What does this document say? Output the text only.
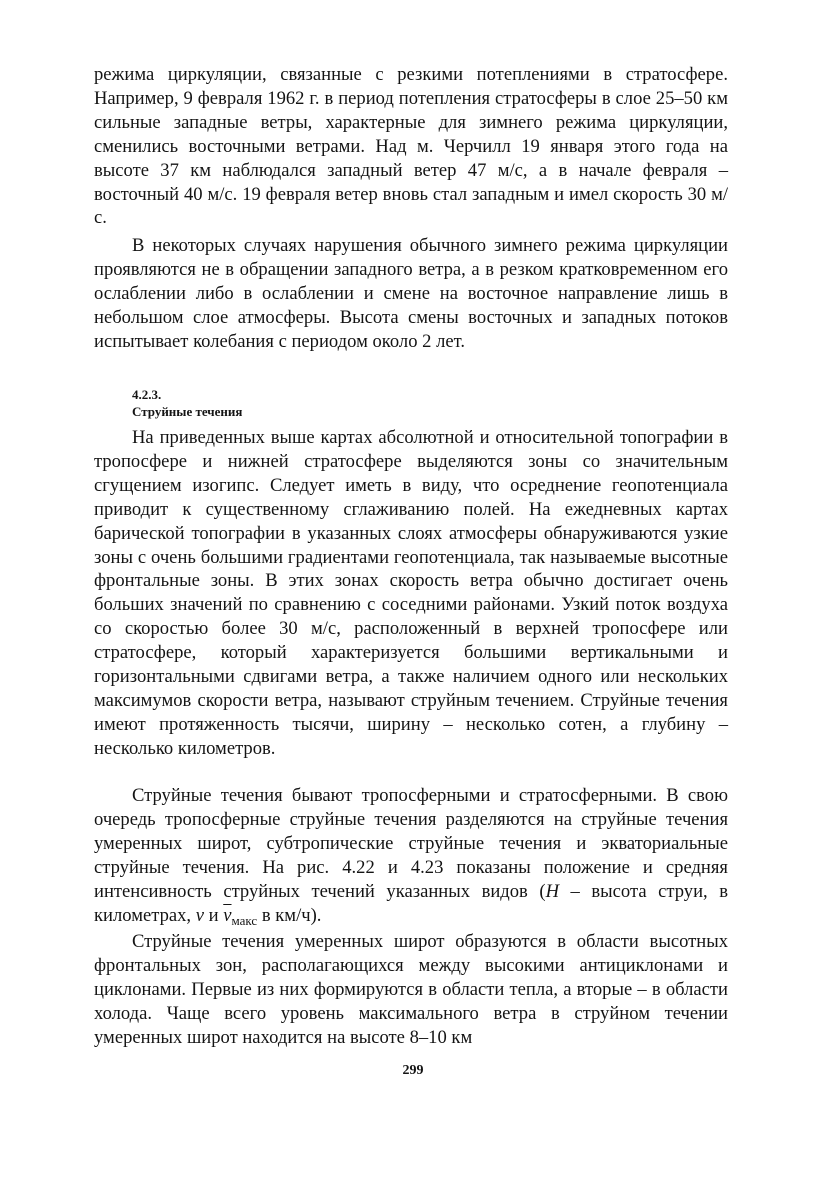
режима циркуляции, связанные с резкими потеплениями в стратосфере. Например, 9 февраля 1962 г. в период потепления стратосферы в слое 25–50 км сильные западные ветры, характерные для зимнего режима циркуляции, сменились восточными ветрами. Над м. Черчилл 19 января этого года на высоте 37 км наблюдался западный ветер 47 м/с, а в начале февраля – восточный 40 м/с. 19 февраля ветер вновь стал западным и имел скорость 30 м/с.

В некоторых случаях нарушения обычного зимнего режима циркуляции проявляются не в обращении западного ветра, а в резком кратковременном его ослаблении либо в ослаблении и смене на восточное направление лишь в небольшом слое атмосферы. Высота смены восточных и западных потоков испытывает колебания с периодом около 2 лет.

4.2.3.
Струйные течения

На приведенных выше картах абсолютной и относительной топографии в тропосфере и нижней стратосфере выделяются зоны со значительным сгущением изогипс. Следует иметь в виду, что осреднение геопотенциала приводит к существенному сглаживанию полей. На ежедневных картах барической топографии в указанных слоях атмосферы обнаруживаются узкие зоны с очень большими градиентами геопотенциала, так называемые высотные фронтальные зоны. В этих зонах скорость ветра обычно достигает очень больших значений по сравнению с соседними районами. Узкий поток воздуха со скоростью более 30 м/с, расположенный в верхней тропосфере или стратосфере, который характеризуется большими вертикальными и горизонтальными сдвигами ветра, а также наличием одного или нескольких максимумов скорости ветра, называют струйным течением. Струйные течения имеют протяженность тысячи, ширину – несколько сотен, а глубину – несколько километров.

Струйные течения бывают тропосферными и стратосферными. В свою очередь тропосферные струйные течения разделяются на струйные течения умеренных широт, субтропические струйные течения и экваториальные струйные течения. На рис. 4.22 и 4.23 показаны положение и средняя интенсивность струйных течений указанных видов (H – высота струи, в километрах, v и $\overline{v}_{макс}$ в км/ч).

Струйные течения умеренных широт образуются в области высотных фронтальных зон, располагающихся между высокими антициклонами и циклонами. Первые из них формируются в области тепла, а вторые – в области холода. Чаще всего уровень максимального ветра в струйном течении умеренных широт находится на высоте 8–10 км

299
